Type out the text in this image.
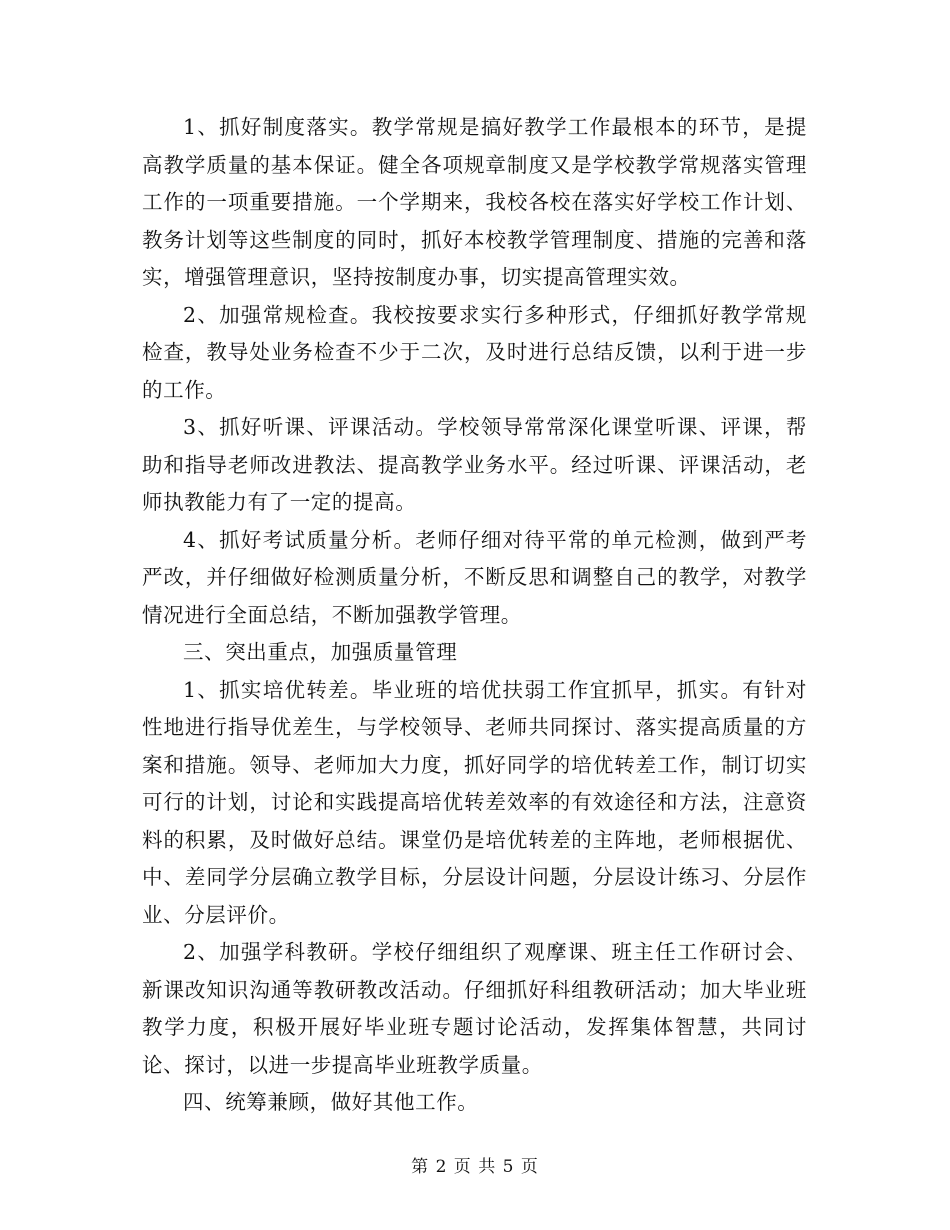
1、抓好制度落实。教学常规是搞好教学工作最根本的环节，是提高教学质量的基本保证。健全各项规章制度又是学校教学常规落实管理工作的一项重要措施。一个学期来，我校各校在落实好学校工作计划、教务计划等这些制度的同时，抓好本校教学管理制度、措施的完善和落实，增强管理意识，坚持按制度办事，切实提高管理实效。

2、加强常规检查。我校按要求实行多种形式，仔细抓好教学常规检查，教导处业务检查不少于二次，及时进行总结反馈，以利于进一步的工作。

3、抓好听课、评课活动。学校领导常常深化课堂听课、评课，帮助和指导老师改进教法、提高教学业务水平。经过听课、评课活动，老师执教能力有了一定的提高。

4、抓好考试质量分析。老师仔细对待平常的单元检测，做到严考严改，并仔细做好检测质量分析，不断反思和调整自己的教学，对教学情况进行全面总结，不断加强教学管理。

三、突出重点，加强质量管理

1、抓实培优转差。毕业班的培优扶弱工作宜抓早，抓实。有针对性地进行指导优差生，与学校领导、老师共同探讨、落实提高质量的方案和措施。领导、老师加大力度，抓好同学的培优转差工作，制订切实可行的计划，讨论和实践提高培优转差效率的有效途径和方法，注意资料的积累，及时做好总结。课堂仍是培优转差的主阵地，老师根据优、中、差同学分层确立教学目标，分层设计问题，分层设计练习、分层作业、分层评价。

2、加强学科教研。学校仔细组织了观摩课、班主任工作研讨会、新课改知识沟通等教研教改活动。仔细抓好科组教研活动；加大毕业班教学力度，积极开展好毕业班专题讨论活动，发挥集体智慧，共同讨论、探讨，以进一步提高毕业班教学质量。

四、统筹兼顾，做好其他工作。

第 2 页 共 5 页
